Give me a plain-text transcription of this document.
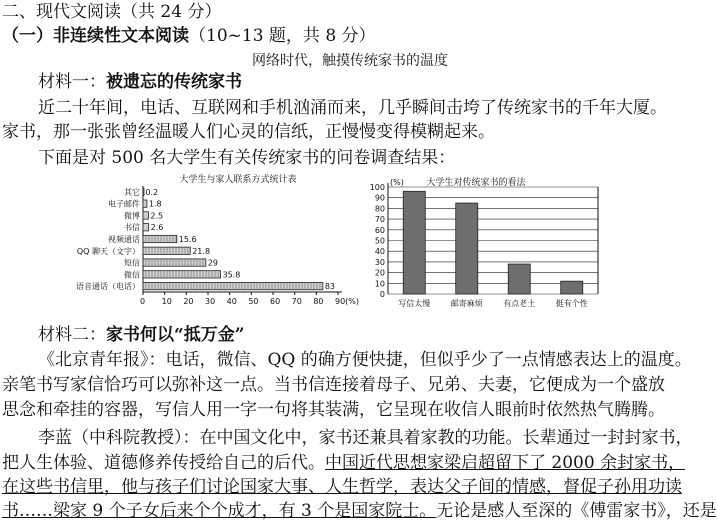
二、现代文阅读（共 24 分）
（一）非连续性文本阅读（10~13 题，共 8 分）
网络时代，触摸传统家书的温度
材料一：被遗忘的传统家书
近二十年间，电话、互联网和手机汹涌而来，几乎瞬间击垮了传统家书的千年大厦。
家书，那一张张曾经温暖人们心灵的信纸，正慢慢变得模糊起来。
下面是对 500 名大学生有关传统家书的问卷调查结果：
大学生与家人联系方式统计表
其它 0.2
电子邮件 1.8
微博 2.5
书信 2.6
视频通话	15.6
QQ 聊天（文字）	21.8
短信	29
微信	35.8
语音通话（电话）	83
0 10 20 30 40 50 60 70 80 90(%)
大学生对传统家书的看法
(%)
0
10
20
30
40
50
60
70
80
90
100
写信太慢	邮寄麻烦	有点老土	挺有个性
材料二：家书何以“抵万金”
《北京青年报》：电话，微信、QQ 的确方便快捷，但似乎少了一点情感表达上的温度。
亲笔书写家信恰巧可以弥补这一点。当书信连接着母子、兄弟、夫妻，它便成为一个盛放
思念和牵挂的容器，写信人用一字一句将其装满，它呈现在收信人眼前时依然热气腾腾。
李蓝（中科院教授）：在中国文化中，家书还兼具着家教的功能。长辈通过一封封家书，
把人生体验、道德修养传授给自己的后代。中国近代思想家梁启超留下了 2000 余封家书，
在这些书信里，他与孩子们讨论国家大事、人生哲学，表达父子间的情感，督促子孙用功读
书……梁家 9 个子女后来个个成才，有 3 个是国家院士。无论是感人至深的《傅雷家书》，还是
